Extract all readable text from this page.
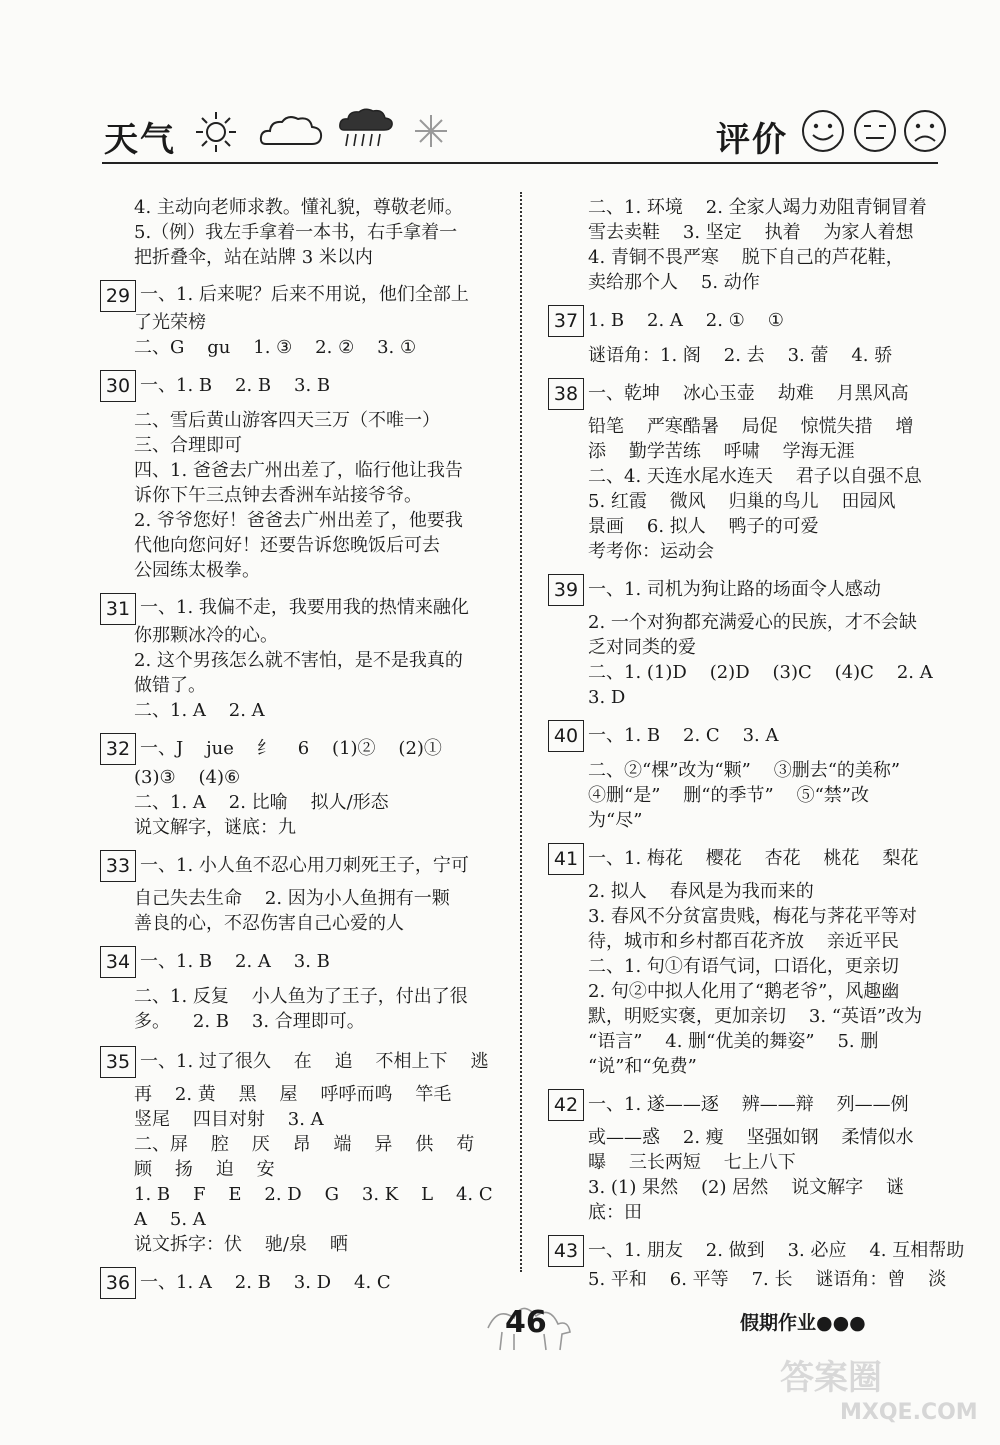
天气	评价
4. 主动向老师求教。懂礼貌，尊敬老师。
5.（例）我左手拿着一本书，右手拿着一
把折叠伞，站在站牌 3 米以内
29 一、1. 后来呢？后来不用说，他们全部上
了光荣榜
二、G    gu    1. ③    2. ②    3. ①
30 一、1. B    2. B    3. B
二、雪后黄山游客四天三万（不唯一）
三、合理即可
四、1. 爸爸去广州出差了，临行他让我告
诉你下午三点钟去香洲车站接爷爷。
2. 爷爷您好！爸爸去广州出差了，他要我
代他向您问好！还要告诉您晚饭后可去
公园练太极拳。
31 一、1. 我偏不走，我要用我的热情来融化
你那颗冰冷的心。
2. 这个男孩怎么就不害怕，是不是我真的
做错了。
二、1. A    2. A
32 一、J    jue    纟    6    (1)②    (2)①
(3)③    (4)⑥
二、1. A    2. 比喻    拟人/形态
说文解字，谜底：九
33 一、1. 小人鱼不忍心用刀刺死王子，宁可
自己失去生命    2. 因为小人鱼拥有一颗
善良的心，不忍伤害自己心爱的人
34 一、1. B    2. A    3. B
二、1. 反复    小人鱼为了王子，付出了很
多。    2. B    3. 合理即可。
35 一、1. 过了很久    在    追    不相上下    逃
再    2. 黄    黑    屋    呼呼而鸣    竿毛
竖尾    四目对射    3. A
二、屏    腔    厌    昂    端    异    供    苟
顾    扬    迫    安
1. B    F    E    2. D    G    3. K    L    4. C
A    5. A
说文拆字：伏    驰/泉    晒
36 一、1. A    2. B    3. D    4. C
二、1. 环境    2. 全家人竭力劝阻青铜冒着
雪去卖鞋    3. 坚定    执着    为家人着想
4. 青铜不畏严寒    脱下自己的芦花鞋，
卖给那个人    5. 动作
37 1. B    2. A    2. ①    ①
谜语角：1. 阁    2. 去    3. 蕾    4. 骄
38 一、乾坤    冰心玉壶    劫难    月黑风高
铅笔    严寒酷暑    局促    惊慌失措    增
添    勤学苦练    呼啸    学海无涯
二、4. 天连水尾水连天    君子以自强不息
5. 红霞    微风    归巢的鸟儿    田园风
景画    6. 拟人    鸭子的可爱
考考你：运动会
39 一、1. 司机为狗让路的场面令人感动
2. 一个对狗都充满爱心的民族，才不会缺
乏对同类的爱
二、1. (1)D    (2)D    (3)C    (4)C    2. A
3. D
40 一、1. B    2. C    3. A
二、②“棵”改为“颗”    ③删去“的美称”
④删“是”    删“的季节”    ⑤“禁”改
为“尽”
41 一、1. 梅花    樱花    杏花    桃花    梨花
2. 拟人    春风是为我而来的
3. 春风不分贫富贵贱，梅花与荠花平等对
待，城市和乡村都百花齐放    亲近平民
二、1. 句①有语气词，口语化，更亲切
2. 句②中拟人化用了“鹅老爷”，风趣幽
默，明贬实褒，更加亲切    3. “英语”改为
“语言”    4. 删“优美的舞姿”    5. 删
“说”和“免费”
42 一、1. 遂——逐    辨——辩    列——例
或——惑    2. 瘦    坚强如钢    柔情似水
曝    三长两短    七上八下
3. (1) 果然    (2) 居然    说文解字    谜
底：田
43 一、1. 朋友    2. 做到    3. 必应    4. 互相帮助
5. 平和    6. 平等    7. 长    谜语角：曾    淡
46	假期作业●●●
答案圈
MXQE.COM
